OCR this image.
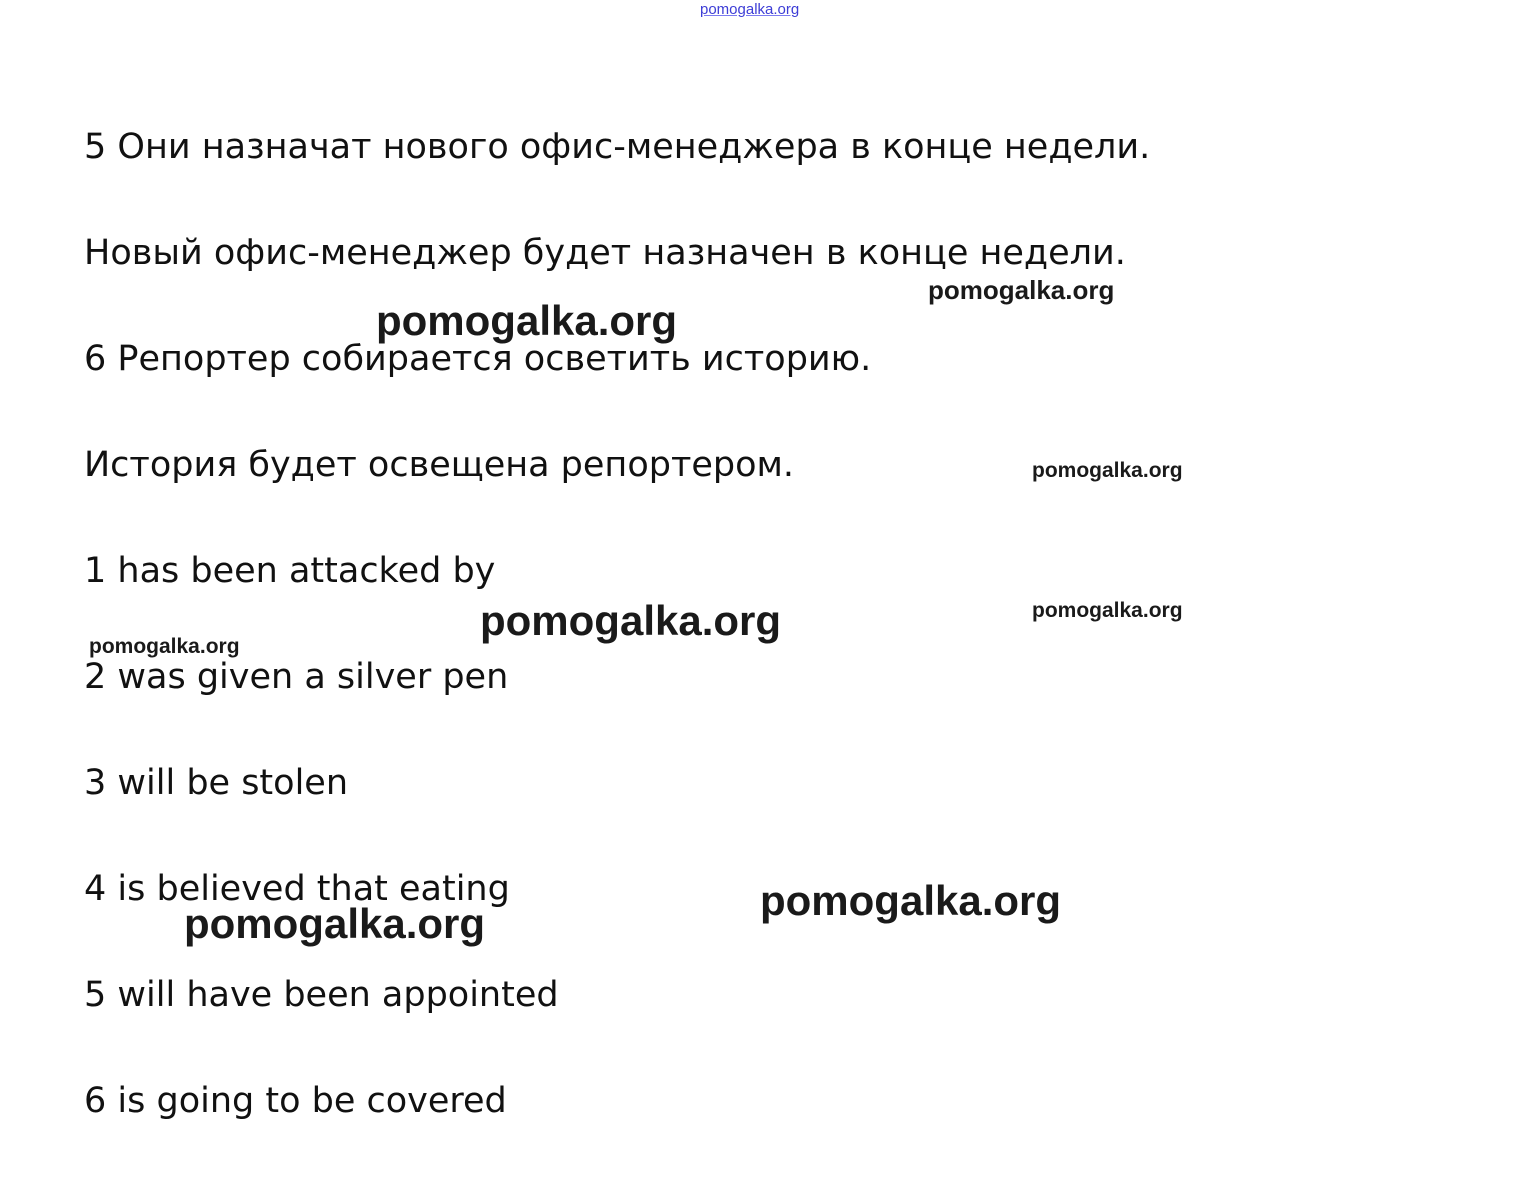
pomogalka.org
5 Они назначат нового офис-менеджера в конце недели.
Новый офис-менеджер будет назначен в конце недели.
6 Репортер собирается осветить историю.
История будет освещена репортером.
1 has been attacked by
2 was given a silver pen
3 will be stolen
4 is believed that eating
5 will have been appointed
6 is going to be covered
pomogalka.org
pomogalka.org
pomogalka.org
pomogalka.org
pomogalka.org
pomogalka.org
pomogalka.org
pomogalka.org
